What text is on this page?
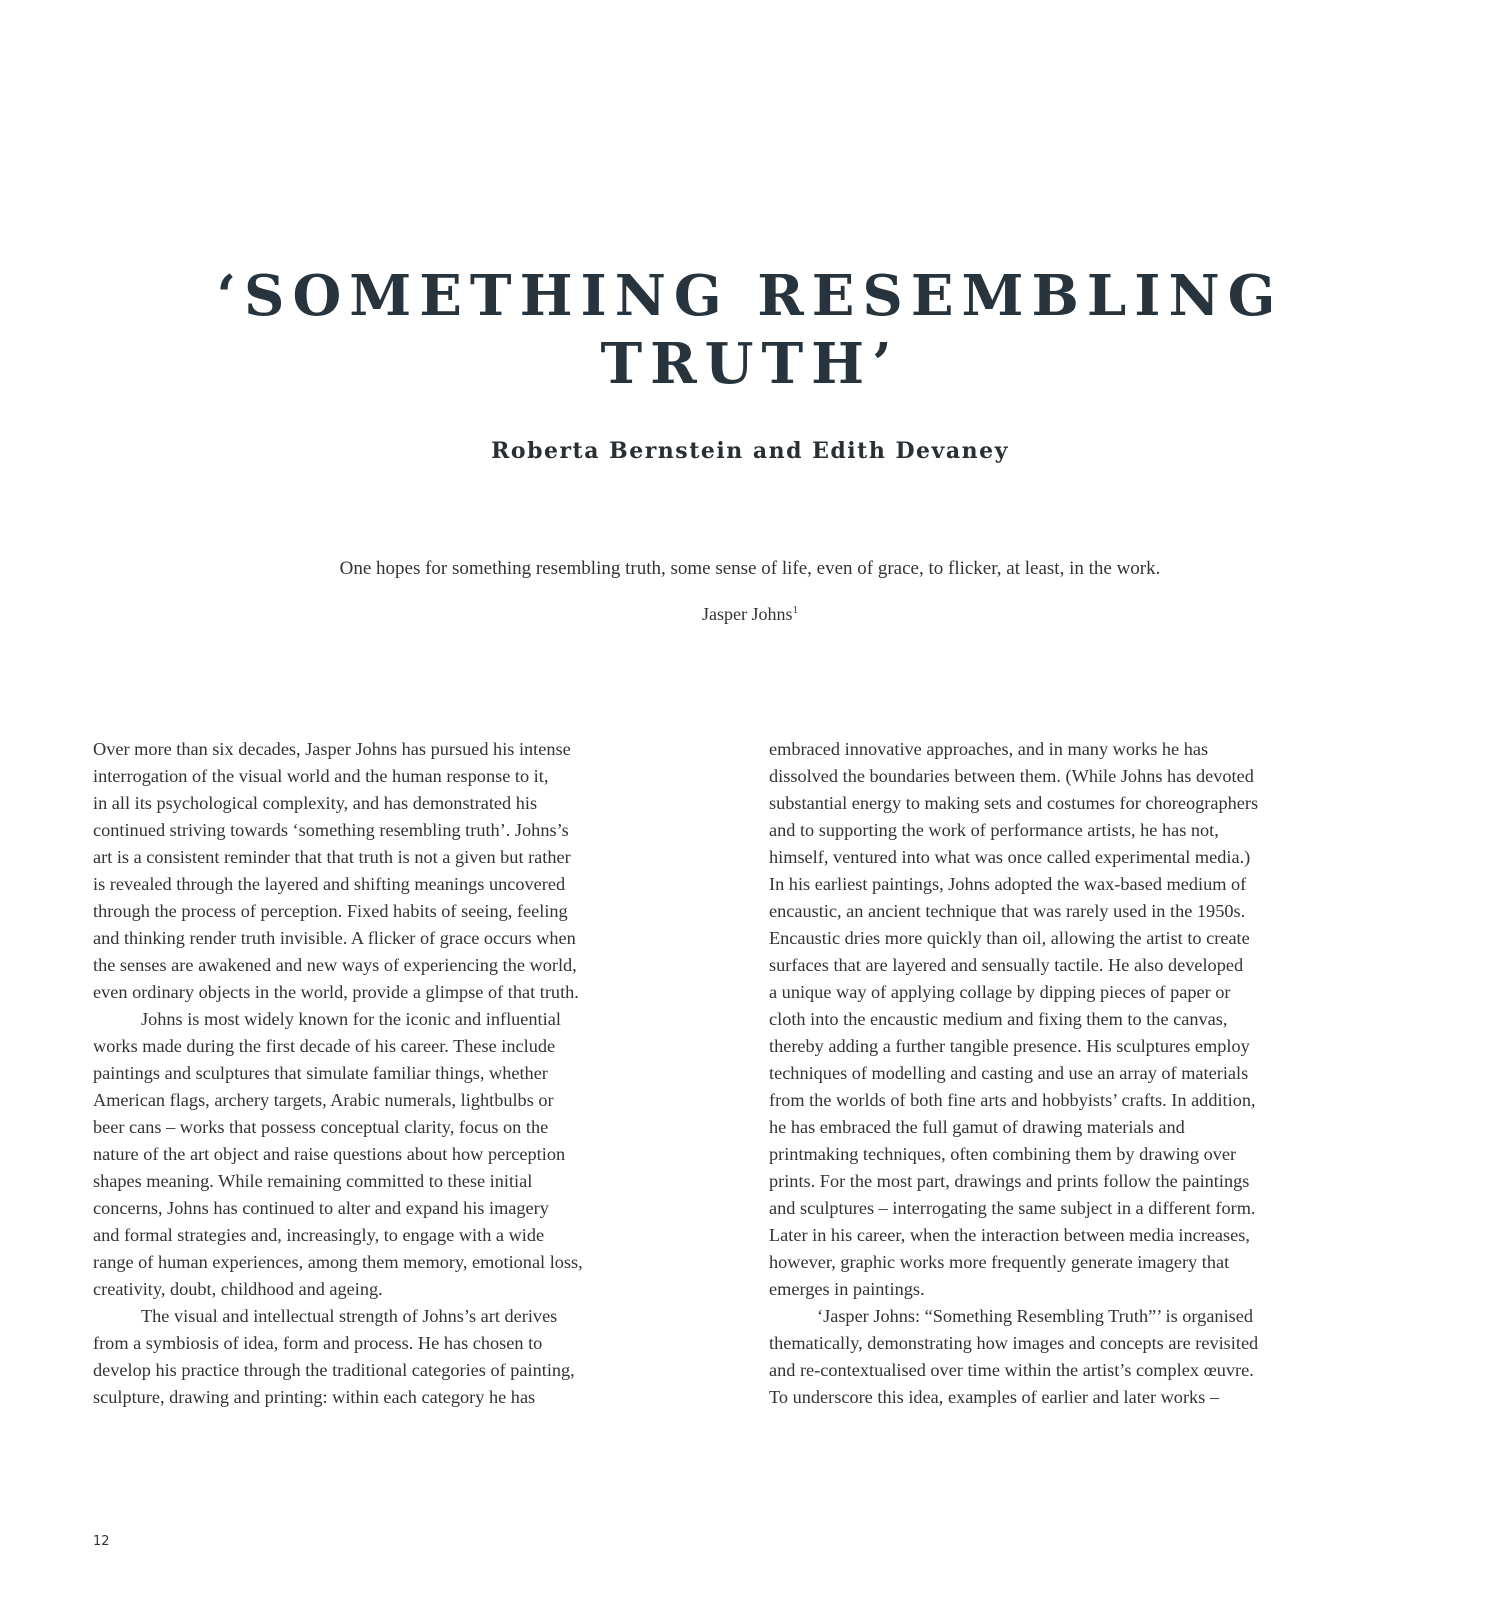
‘SOMETHING RESEMBLING
TRUTH’
Roberta Bernstein and Edith Devaney

One hopes for something resembling truth, some sense of life, even of grace, to flicker, at least, in the work.

Jasper Johns$^1$

Over more than six decades, Jasper Johns has pursued his intense

interrogation of the visual world and the human response to it,

in all its psychological complexity, and has demonstrated his

continued striving towards ‘something resembling truth’. Johns’s

art is a consistent reminder that that truth is not a given but rather

is revealed through the layered and shifting meanings uncovered

through the process of perception. Fixed habits of seeing, feeling

and thinking render truth invisible. A flicker of grace occurs when

the senses are awakened and new ways of experiencing the world,

even ordinary objects in the world, provide a glimpse of that truth.

Johns is most widely known for the iconic and influential

works made during the first decade of his career. These include

paintings and sculptures that simulate familiar things, whether

American flags, archery targets, Arabic numerals, lightbulbs or

beer cans – works that possess conceptual clarity, focus on the

nature of the art object and raise questions about how perception

shapes meaning. While remaining committed to these initial

concerns, Johns has continued to alter and expand his imagery

and formal strategies and, increasingly, to engage with a wide

range of human experiences, among them memory, emotional loss,

creativity, doubt, childhood and ageing.

The visual and intellectual strength of Johns’s art derives

from a symbiosis of idea, form and process. He has chosen to

develop his practice through the traditional categories of painting,

sculpture, drawing and printing: within each category he has

embraced innovative approaches, and in many works he has

dissolved the boundaries between them. (While Johns has devoted

substantial energy to making sets and costumes for choreographers

and to supporting the work of performance artists, he has not,

himself, ventured into what was once called experimental media.)

In his earliest paintings, Johns adopted the wax-based medium of

encaustic, an ancient technique that was rarely used in the 1950s.

Encaustic dries more quickly than oil, allowing the artist to create

surfaces that are layered and sensually tactile. He also developed

a unique way of applying collage by dipping pieces of paper or

cloth into the encaustic medium and fixing them to the canvas,

thereby adding a further tangible presence. His sculptures employ

techniques of modelling and casting and use an array of materials

from the worlds of both fine arts and hobbyists’ crafts. In addition,

he has embraced the full gamut of drawing materials and

printmaking techniques, often combining them by drawing over

prints. For the most part, drawings and prints follow the paintings

and sculptures – interrogating the same subject in a different form.

Later in his career, when the interaction between media increases,

however, graphic works more frequently generate imagery that

emerges in paintings.

‘Jasper Johns: “Something Resembling Truth”’ is organised

thematically, demonstrating how images and concepts are revisited

and re-contextualised over time within the artist’s complex œuvre.

To underscore this idea, examples of earlier and later works –

12
